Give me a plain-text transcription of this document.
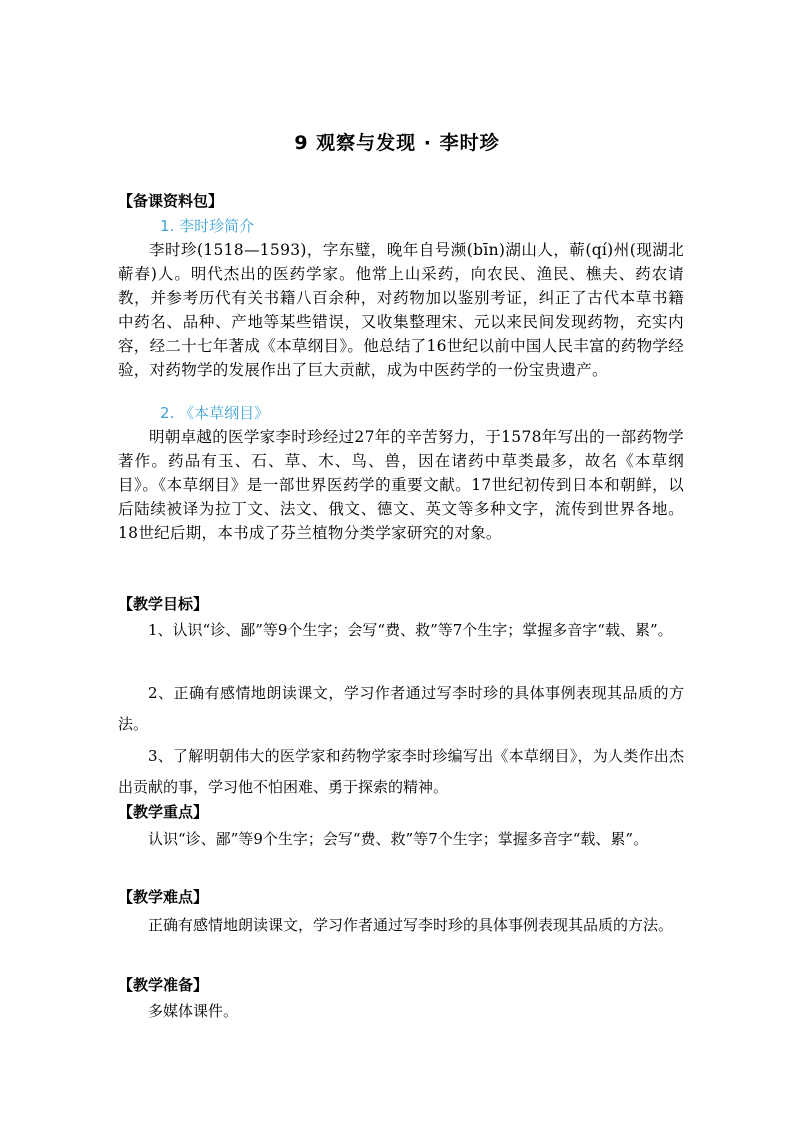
9 观察与发现 · 李时珍
【备课资料包】
1. 李时珍简介
李时珍(1518—1593)，字东璧，晚年自号濒(bīn)湖山人，蕲(qí)州(现湖北蕲春)人。明代杰出的医药学家。他常上山采药，向农民、渔民、樵夫、药农请教，并参考历代有关书籍八百余种，对药物加以鉴别考证，纠正了古代本草书籍中药名、品种、产地等某些错误，又收集整理宋、元以来民间发现药物，充实内容，经二十七年著成《本草纲目》。他总结了16世纪以前中国人民丰富的药物学经验，对药物学的发展作出了巨大贡献，成为中医药学的一份宝贵遗产。
2. 《本草纲目》
明朝卓越的医学家李时珍经过27年的辛苦努力，于1578年写出的一部药物学著作。药品有玉、石、草、木、鸟、兽，因在诸药中草类最多，故名《本草纲目》。《本草纲目》是一部世界医药学的重要文献。17世纪初传到日本和朝鲜，以后陆续被译为拉丁文、法文、俄文、德文、英文等多种文字，流传到世界各地。18世纪后期，本书成了芬兰植物分类学家研究的对象。
【教学目标】
1、认识“诊、鄙”等9个生字；会写“费、救”等7个生字；掌握多音字“载、累”。
2、正确有感情地朗读课文，学习作者通过写李时珍的具体事例表现其品质的方法。
3、了解明朝伟大的医学家和药物学家李时珍编写出《本草纲目》，为人类作出杰出贡献的事，学习他不怕困难、勇于探索的精神。
【教学重点】
认识“诊、鄙”等9个生字；会写“费、救”等7个生字；掌握多音字“载、累”。
【教学难点】
正确有感情地朗读课文，学习作者通过写李时珍的具体事例表现其品质的方法。
【教学准备】
多媒体课件。
